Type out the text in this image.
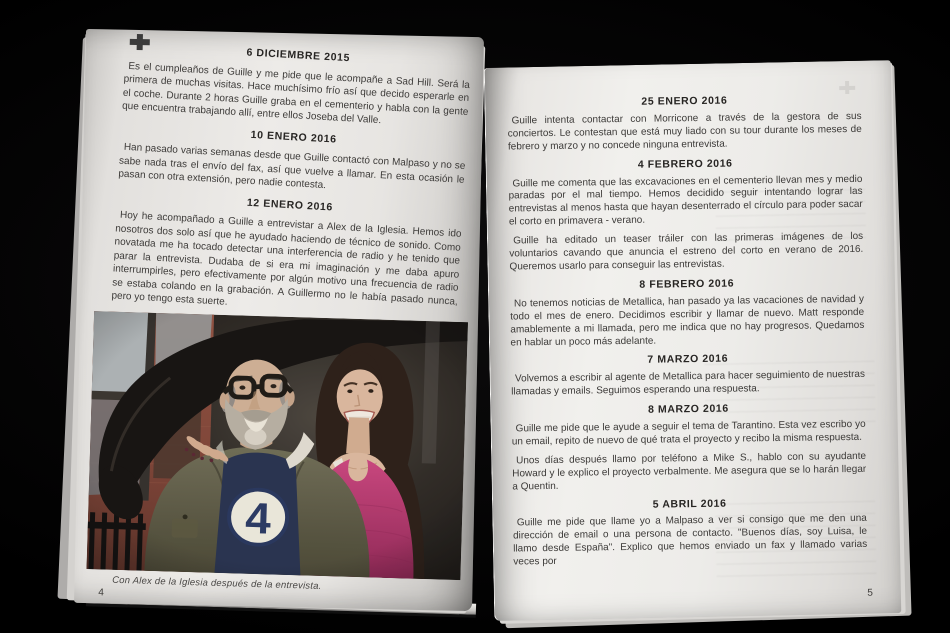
6 DICIEMBRE 2015

Es el cumpleaños de Guille y me pide que le acompañe a Sad Hill. Será la primera de muchas visitas. Hace muchísimo frío así que decido esperarle en el coche. Durante 2 horas Guille graba en el cementerio y habla con la gente que encuentra trabajando allí, entre ellos Joseba del Valle.

10 ENERO 2016

Han pasado varias semanas desde que Guille contactó con Malpaso y no se sabe nada tras el envío del fax, así que vuelve a llamar. En esta ocasión le pasan con otra extensión, pero nadie contesta.

12 ENERO 2016

Hoy he acompañado a Guille a entrevistar a Alex de la Iglesia. Hemos ido nosotros dos solo así que he ayudado haciendo de técnico de sonido. Como novatada me ha tocado detectar una interferencia de radio y he tenido que parar la entrevista. Dudaba de si era mi imaginación y me daba apuro interrumpirles, pero efectivamente por algún motivo una frecuencia de radio se estaba colando en la grabación. A Guillermo no le había pasado nunca, pero yo tengo esta suerte.

Con Alex de la Iglesia después de la entrevista.
4
25 ENERO 2016

Guille intenta contactar con Morricone a través de la gestora de sus conciertos. Le contestan que está muy liado con su tour durante los meses de febrero y marzo y no concede ninguna entrevista.

4 FEBRERO 2016

Guille me comenta que las excavaciones en el cementerio llevan mes y medio paradas por el mal tiempo. Hemos decidido seguir intentando lograr las entrevistas al menos hasta que hayan desenterrado el círculo para poder sacar el corto en primavera - verano.

Guille ha editado un teaser tráiler con las primeras imágenes de los voluntarios cavando que anuncia el estreno del corto en verano de 2016. Queremos usarlo para conseguir las entrevistas.

8 FEBRERO 2016

No tenemos noticias de Metallica, han pasado ya las vacaciones de navidad y todo el mes de enero. Decidimos escribir y llamar de nuevo. Matt responde amablemente a mi llamada, pero me indica que no hay progresos. Quedamos en hablar un poco más adelante.

7 MARZO 2016

Volvemos a escribir al agente de Metallica para hacer seguimiento de nuestras llamadas y emails. Seguimos esperando una respuesta.

8 MARZO 2016

Guille me pide que le ayude a seguir el tema de Tarantino. Esta vez escribo yo un email, repito de nuevo de qué trata el proyecto y recibo la misma respuesta.

Unos días después llamo por teléfono a Mike S., hablo con su ayudante Howard y le explico el proyecto verbalmente. Me asegura que se lo harán llegar a Quentin.

5 ABRIL 2016

Guille me pide que llame yo a Malpaso a ver si consigo que me den una dirección de email o una persona de contacto. "Buenos días, soy Luisa, le llamo desde España". Explico que hemos enviado un fax y llamado varias veces por

5
